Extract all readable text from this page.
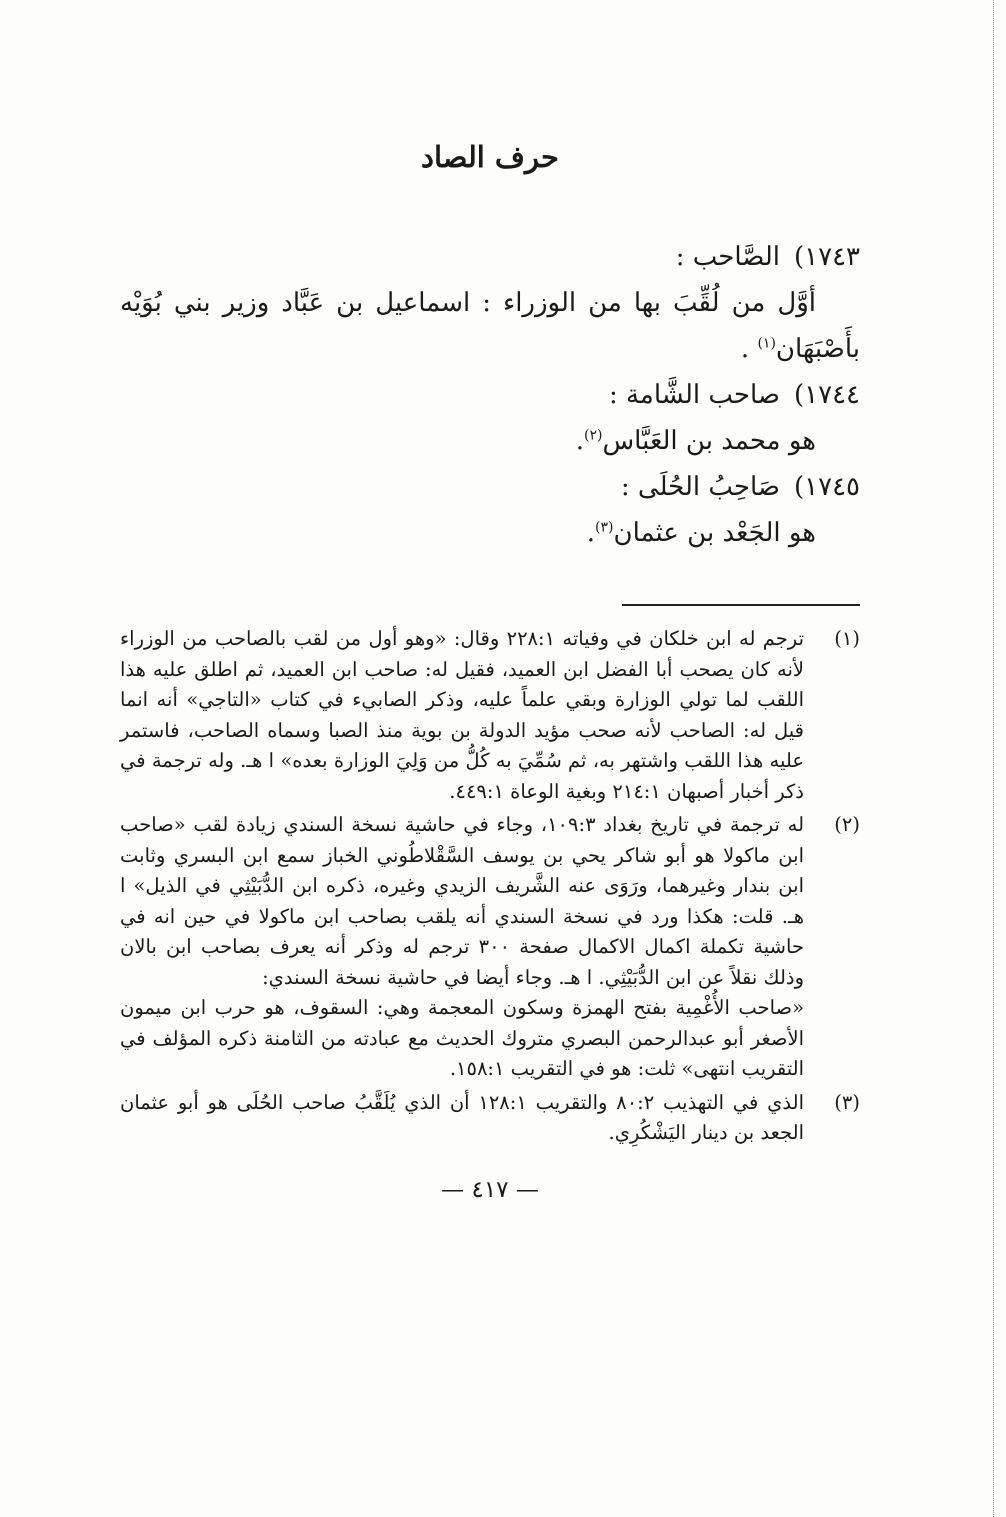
حرف الصاد
١٧٤٣)الصَّاحب :
أوَّل من لُقِّبَ بها من الوزراء : اسماعيل بن عَبَّاد وزير بني بُوَيْه بأَصْبَهَان$^{(١)}$ .
١٧٤٤)صاحب الشَّامة :
هو محمد بن العَبَّاس$^{(٢)}$.
١٧٤٥)صَاحِبُ الحُلَى :
هو الجَعْد بن عثمان$^{(٣)}$.
(١)
ترجم له ابن خلكان في وفياته ٢٢٨:١ وقال: «وهو أول من لقب بالصاحب من الوزراء لأنه كان يصحب أبا الفضل ابن العميد، فقيل له: صاحب ابن العميد، ثم اطلق عليه هذا اللقب لما تولي الوزارة وبقي علماً عليه، وذكر الصابيء في كتاب «التاجي» أنه انما قيل له: الصاحب لأنه صحب مؤيد الدولة بن بوية منذ الصبا وسماه الصاحب، فاستمر عليه هذا اللقب واشتهر به، ثم سُمِّيَ به كُلُّ من وَلِيَ الوزارة بعده» ا هـ. وله ترجمة في ذكر أخبار أصبهان ٢١٤:١ وبغية الوعاة ٤٤٩:١.
(٢)
له ترجمة في تاريخ بغداد ١٠٩:٣، وجاء في حاشية نسخة السندي زيادة لقب «صاحب ابن ماكولا هو أبو شاكر يحي بن يوسف السَّقْلاطُوني الخباز سمع ابن البسري وثابت ابن بندار وغيرهما، ورَوَى عنه الشَّريف الزيدي وغيره، ذكره ابن الدُّبَيْثِي في الذيل» ا هـ. قلت: هكذا ورد في نسخة السندي أنه يلقب بصاحب ابن ماكولا في حين انه في حاشية تكملة اكمال الاكمال صفحة ٣٠٠ ترجم له وذكر أنه يعرف بصاحب ابن بالان وذلك نقلاً عن ابن الدُّبَيْثِي. ا هـ. وجاء أيضا في حاشية نسخة السندي:
«صاحب الأُغْمِية بفتح الهمزة وسكون المعجمة وهي: السقوف، هو حرب ابن ميمون الأصغر أبو عبدالرحمن البصري متروك الحديث مع عبادته من الثامنة ذكره المؤلف في التقريب انتهى» ثلت: هو في التقريب ١٥٨:١.
(٣)
الذي في التهذيب ٨٠:٢ والتقريب ١٢٨:١ أن الذي يُلَقَّبُ صاحب الحُلَى هو أبو عثمان الجعد بن دينار اليَشْكُرِي.
— ٤١٧ —
